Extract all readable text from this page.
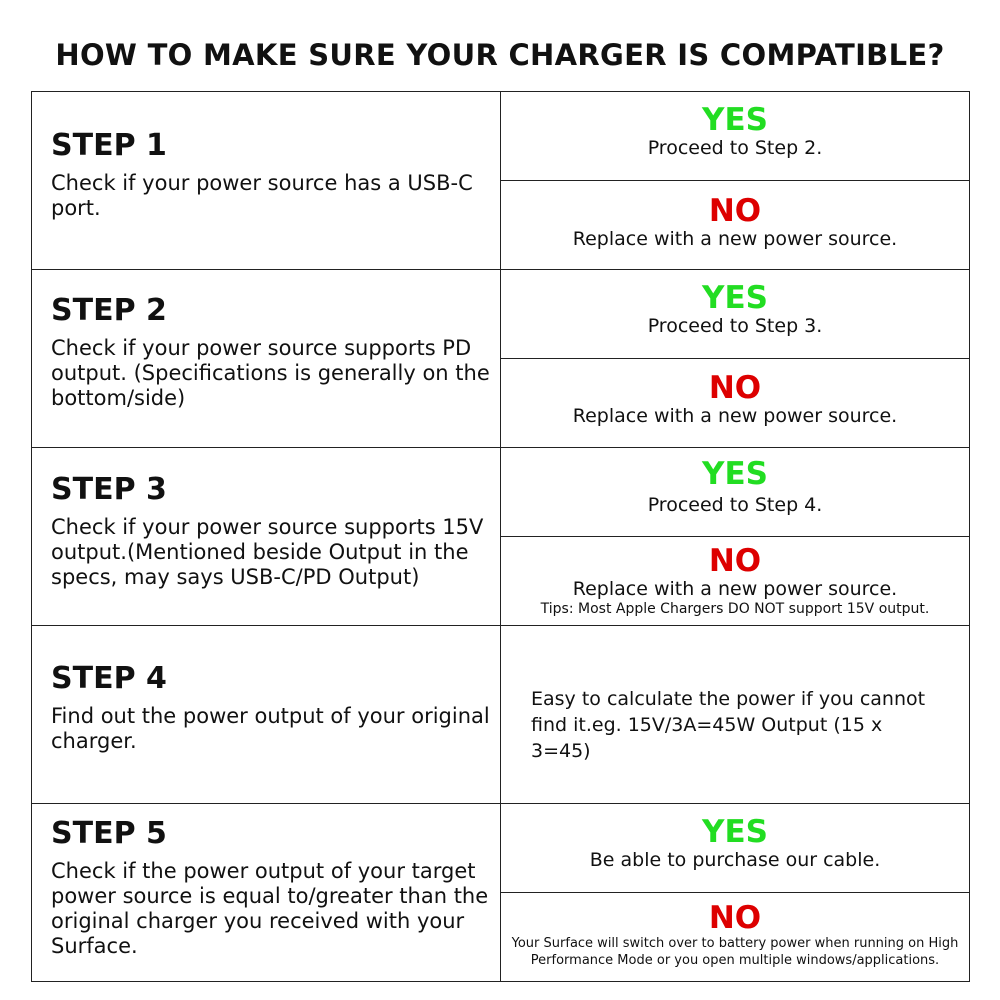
HOW TO MAKE SURE YOUR CHARGER IS COMPATIBLE?
STEP 1
Check if your power source has a USB-C port.
YES
Proceed to Step 2.
NO
Replace with a new power source.
STEP 2
Check if your power source supports PD output. (Specifications is generally on the bottom/side)
YES
Proceed to Step 3.
NO
Replace with a new power source.
STEP 3
Check if your power source supports 15V output.(Mentioned beside Output in the specs, may says USB-C/PD Output)
YES
Proceed to Step 4.
NO
Replace with a new power source.
Tips: Most Apple Chargers DO NOT support 15V output.
STEP 4
Find out the power output of your original charger.
Easy to calculate the power if you cannot find it.eg. 15V/3A=45W Output (15 x 3=45)
STEP 5
Check if the power output of your target power source is equal to/greater than the original charger you received with your Surface.
YES
Be able to purchase our cable.
NO
Your Surface will switch over to battery power when running on High Performance Mode or you open multiple windows/applications.
